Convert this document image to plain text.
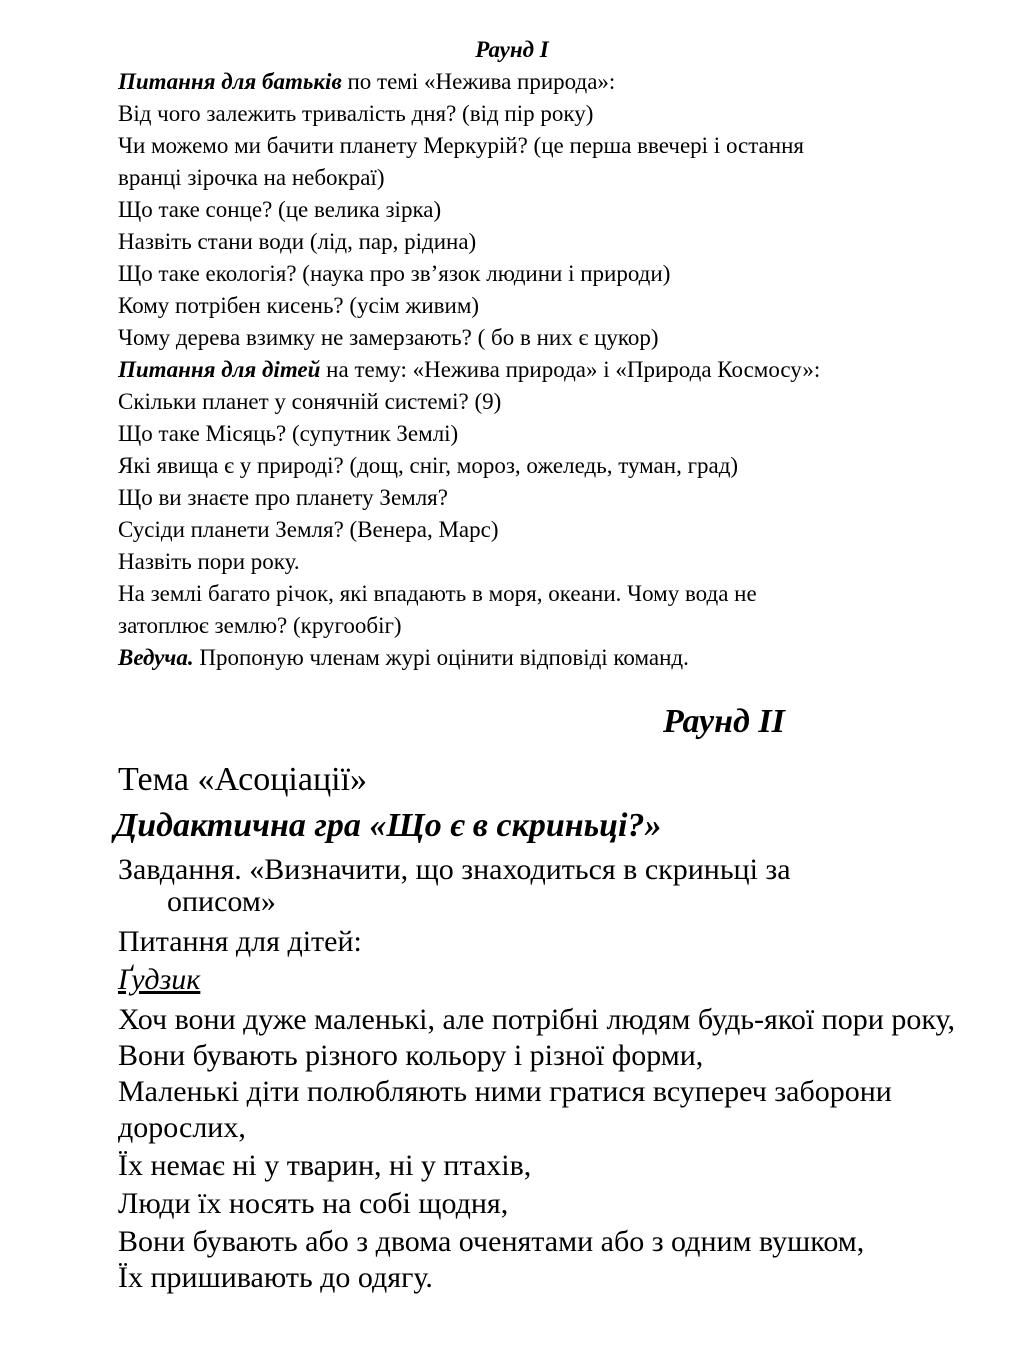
Раунд I
Питання для батьків по темі «Нежива природа»:
Від чого залежить тривалість дня? (від пір року)
Чи можемо ми бачити планету Меркурій? (це перша ввечері і остання
вранці зірочка на небокраї)
Що таке сонце? (це велика зірка)
Назвіть стани води (лід, пар, рідина)
Що таке екологія? (наука про зв’язок людини і природи)
Кому потрібен кисень? (усім живим)
Чому дерева взимку не замерзають? ( бо в них є цукор)
Питання для дітей на тему: «Нежива природа» і «Природа Космосу»:
Скільки планет у сонячній системі? (9)
Що таке Місяць? (супутник Землі)
Які явища є у природі? (дощ, сніг, мороз, ожеледь, туман, град)
Що ви знаєте про планету Земля?
Сусіди планети Земля? (Венера, Марс)
Назвіть пори року.
На землі багато річок, які впадають в моря, океани. Чому вода не
затоплює землю? (кругообіг)
Ведуча. Пропоную членам журі оцінити відповіді команд.
Раунд II
Тема «Асоціації»
Дидактична гра «Що є в скриньці?»
Завдання. «Визначити, що знаходиться в скриньці за
описом»
Питання для дітей:
Ґудзик
Хоч вони дуже маленькі, але потрібні людям будь-якої пори року,
Вони бувають різного кольору і різної форми,
Маленькі діти полюбляють ними гратися всупереч заборони
дорослих,
Їх немає ні у тварин, ні у птахів,
Люди їх носять на собі щодня,
Вони бувають або з двома оченятами або з одним вушком,
Їх пришивають до одягу.
